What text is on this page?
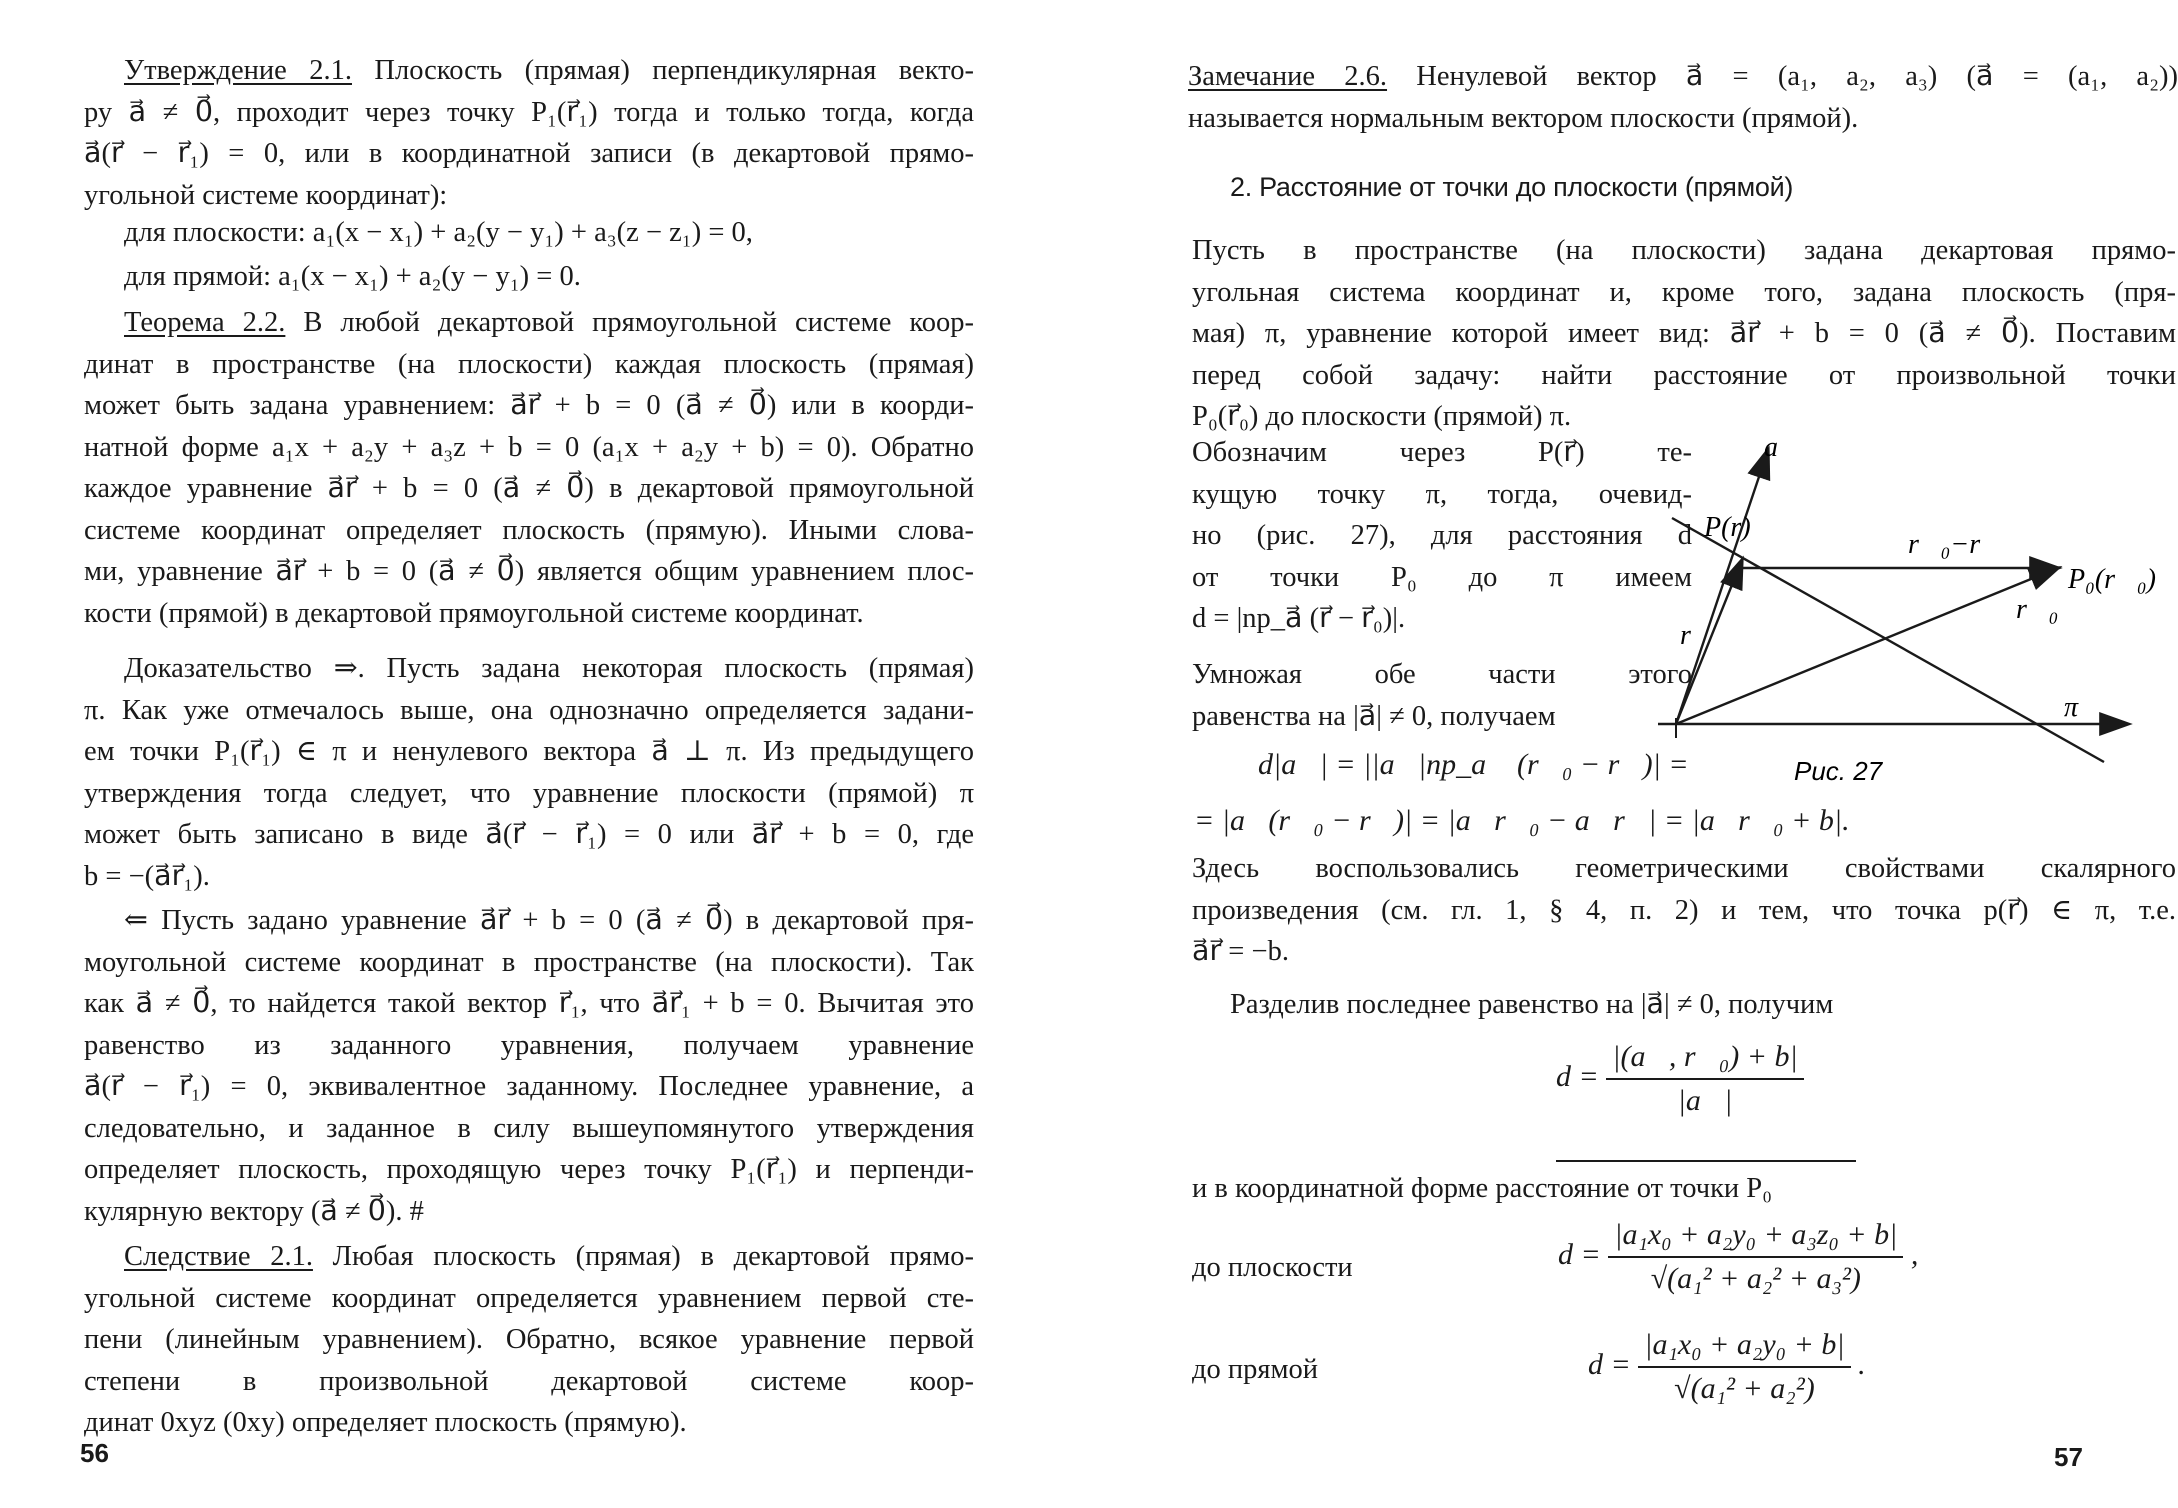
Утверждение 2.1. Плоскость (прямая) перпендикулярная векто-
ру a⃗ ≠ 0⃗, проходит через точку P₁(r⃗₁) тогда и только тогда, когда
a⃗(r⃗ − r⃗₁) = 0, или в координатной записи (в декартовой прямо-
угольной системе координат):
для плоскости: a₁(x − x₁) + a₂(y − y₁) + a₃(z − z₁) = 0,
для прямой: a₁(x − x₁) + a₂(y − y₁) = 0.
Теорема 2.2. В любой декартовой прямоугольной системе коор-
динат в пространстве (на плоскости) каждая плоскость (прямая)
может быть задана уравнением: a⃗r⃗ + b = 0 (a⃗ ≠ 0⃗) или в коорди-
натной форме a₁x + a₂y + a₃z + b = 0 (a₁x + a₂y + b) = 0). Обратно
каждое уравнение a⃗r⃗ + b = 0 (a⃗ ≠ 0⃗) в декартовой прямоугольной
системе координат определяет плоскость (прямую). Иными слова-
ми, уравнение a⃗r⃗ + b = 0 (a⃗ ≠ 0⃗) является общим уравнением плос-
кости (прямой) в декартовой прямоугольной системе координат.
Доказательство ⇒. Пусть задана некоторая плоскость (прямая)
π. Как уже отмечалось выше, она однозначно определяется задани-
ем точки P₁(r⃗₁) ∈ π и ненулевого вектора a⃗ ⊥ π. Из предыдущего
утверждения тогда следует, что уравнение плоскости (прямой) π
может быть записано в виде a⃗(r⃗ − r⃗₁) = 0 или a⃗r⃗ + b = 0, где
b = −(a⃗r⃗₁).
⇐ Пусть задано уравнение a⃗r⃗ + b = 0 (a⃗ ≠ 0⃗) в декартовой пря-
моугольной системе координат в пространстве (на плоскости). Так
как a⃗ ≠ 0⃗, то найдется такой вектор r⃗₁, что a⃗r⃗₁ + b = 0. Вычитая это
равенство из заданного уравнения, получаем уравнение
a⃗(r⃗ − r⃗₁) = 0, эквивалентное заданному. Последнее уравнение, а
следовательно, и заданное в силу вышеупомянутого утверждения
определяет плоскость, проходящую через точку P₁(r⃗₁) и перпенди-
кулярную вектору (a⃗ ≠ 0⃗). #
Следствие 2.1. Любая плоскость (прямая) в декартовой прямо-
угольной системе координат определяется уравнением первой сте-
пени (линейным уравнением). Обратно, всякое уравнение первой
степени в произвольной декартовой системе коор-
динат 0xyz (0xy) определяет плоскость (прямую).
56
Замечание 2.6. Ненулевой вектор a⃗ = (a₁, a₂, a₃) (a⃗ = (a₁, a₂))
называется нормальным вектором плоскости (прямой).
2. Расстояние от точки до плоскости (прямой)
Пусть в пространстве (на плоскости) задана декартовая прямо-
угольная система координат и, кроме того, задана плоскость (пря-
мая) π, уравнение которой имеет вид: a⃗r⃗ + b = 0 (a⃗ ≠ 0⃗). Поставим
перед собой задачу: найти расстояние от произвольной точки
P₀(r⃗₀) до плоскости (прямой) π.
Обозначим через P(r⃗) те-
кущую точку π, тогда, очевид-
но (рис. 27), для расстояния d
от точки P₀ до π имеем
d = |np_a⃗ (r⃗ − r⃗₀)|.
Умножая обе части этого
равенства на |a⃗| ≠ 0, получаем
d|a⃗| = ||a⃗|np_a⃗ (r⃗₀ − r⃗)| =
= |a⃗(r⃗₀ − r⃗)| = |a⃗r⃗₀ − a⃗r⃗| = |a⃗r⃗₀ + b|.
a⃗
P(r)
r⃗₀−r⃗
P₀(r⃗₀)
r⃗₀
r⃗
π
Рис. 27
Здесь воспользовались геометрическими свойствами скалярного
произведения (см. гл. 1, § 4, п. 2) и тем, что точка p(r⃗) ∈ π, т.е.
a⃗r⃗ = −b.
Разделив последнее равенство на |a⃗| ≠ 0, получим
$d = \frac{\text{|(a⃗, r⃗₀) + b|}}{|a⃗|}$
и в координатной форме расстояние от точки P₀
до плоскости	$d = \frac{\text{|a₁x₀ + a₂y₀ + a₃z₀ + b|}}{\text{√(a₁² + a₂² + a₃²)}}$ ,
до прямой	$d = \frac{\text{|a₁x₀ + a₂y₀ + b|}}{\text{√(a₁² + a₂²)}}$ .
57
